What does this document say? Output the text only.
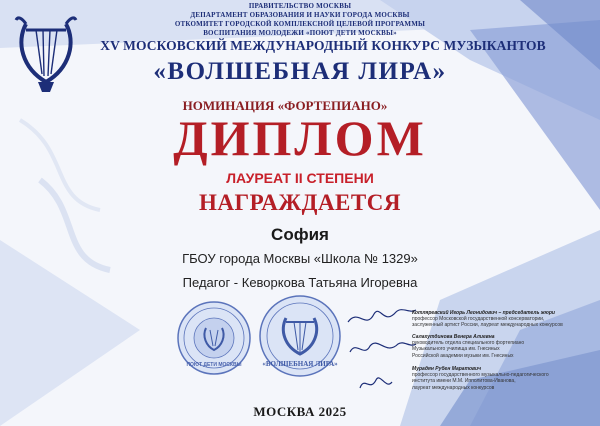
ПРАВИТЕЛЬСТВО МОСКВЫ
ДЕПАРТАМЕНТ ОБРАЗОВАНИЯ И НАУКИ ГОРОДА МОСКВЫ
ОТКОМИТЕТ ГОРОДСКОЙ КОМПЛЕКСНОЙ ЦЕЛЕВОЙ ПРОГРАММЫ
ВОСПИТАНИЯ МОЛОДЕЖИ «ПОЮТ ДЕТИ МОСКВЫ»
XV МОСКОВСКИЙ МЕЖДУНАРОДНЫЙ КОНКУРС МУЗЫКАНТОВ
«ВОЛШЕБНАЯ ЛИРА»
НОМИНАЦИЯ «ФОРТЕПИАНО»
ДИПЛОМ
ЛАУРЕАТ II СТЕПЕНИ
НАГРАЖДАЕТСЯ
София
ГБОУ города Москвы «Школа № 1329»
Педагог - Кеворкова Татьяна Игоревна
ПОЮТ ДЕТИ МОСКВЫ	«ВОЛШЕБНАЯ ЛИРА»
Котляревский Игорь Леонидович – председатель жюри
профессор Московской государственной консерватории,
заслуженный артист России, лауреат международных конкурсов
Салахутдинова Венера Алиевна
руководитель отдела специального фортепиано
Музыкального училища им. Гнесиных
Российской академии музыки им. Гнесиных
Мурадян Рубен Маратович
профессор государственного музыкально-педагогического
института имени М.М. Ипполитова-Иванова,
лауреат международных конкурсов
МОСКВА 2025
